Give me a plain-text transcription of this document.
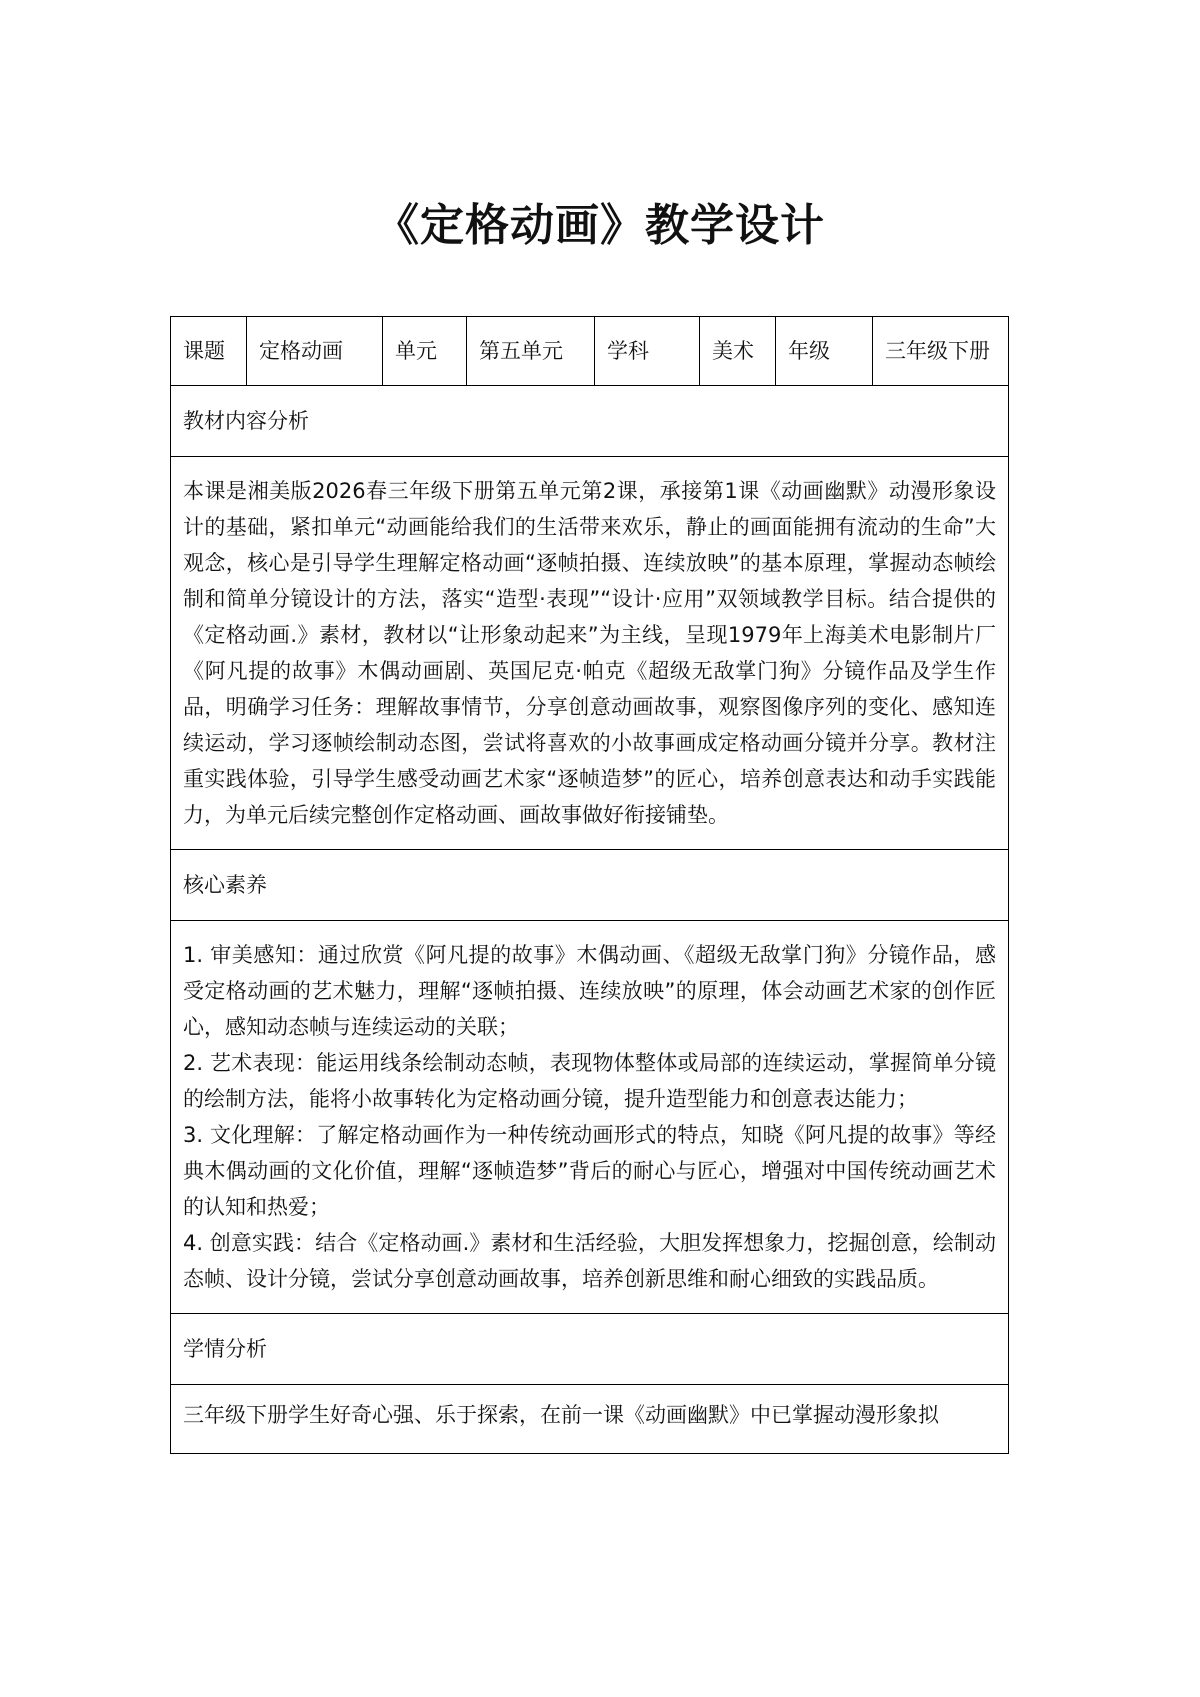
《定格动画》教学设计
课题	定格动画	单元	第五单元	学科	美术	年级	三年级下册
教材内容分析
本课是湘美版2026春三年级下册第五单元第2课，承接第1课《动画幽默》动漫形象设计的基础，紧扣单元“动画能给我们的生活带来欢乐，静止的画面能拥有流动的生命”大观念，核心是引导学生理解定格动画“逐帧拍摄、连续放映”的基本原理，掌握动态帧绘制和简单分镜设计的方法，落实“造型·表现”“设计·应用”双领域教学目标。结合提供的《定格动画.》素材，教材以“让形象动起来”为主线，呈现1979年上海美术电影制片厂《阿凡提的故事》木偶动画剧、英国尼克·帕克《超级无敌掌门狗》分镜作品及学生作品，明确学习任务：理解故事情节，分享创意动画故事，观察图像序列的变化、感知连续运动，学习逐帧绘制动态图，尝试将喜欢的小故事画成定格动画分镜并分享。教材注重实践体验，引导学生感受动画艺术家“逐帧造梦”的匠心，培养创意表达和动手实践能力，为单元后续完整创作定格动画、画故事做好衔接铺垫。
核心素养

1. 审美感知：通过欣赏《阿凡提的故事》木偶动画、《超级无敌掌门狗》分镜作品，感受定格动画的艺术魅力，理解“逐帧拍摄、连续放映”的原理，体会动画艺术家的创作匠心，感知动态帧与连续运动的关联；
2. 艺术表现：能运用线条绘制动态帧，表现物体整体或局部的连续运动，掌握简单分镜的绘制方法，能将小故事转化为定格动画分镜，提升造型能力和创意表达能力；
3. 文化理解：了解定格动画作为一种传统动画形式的特点，知晓《阿凡提的故事》等经典木偶动画的文化价值，理解“逐帧造梦”背后的耐心与匠心，增强对中国传统动画艺术的认知和热爱；
4. 创意实践：结合《定格动画.》素材和生活经验，大胆发挥想象力，挖掘创意，绘制动态帧、设计分镜，尝试分享创意动画故事，培养创新思维和耐心细致的实践品质。

学情分析
三年级下册学生好奇心强、乐于探索，在前一课《动画幽默》中已掌握动漫形象拟
